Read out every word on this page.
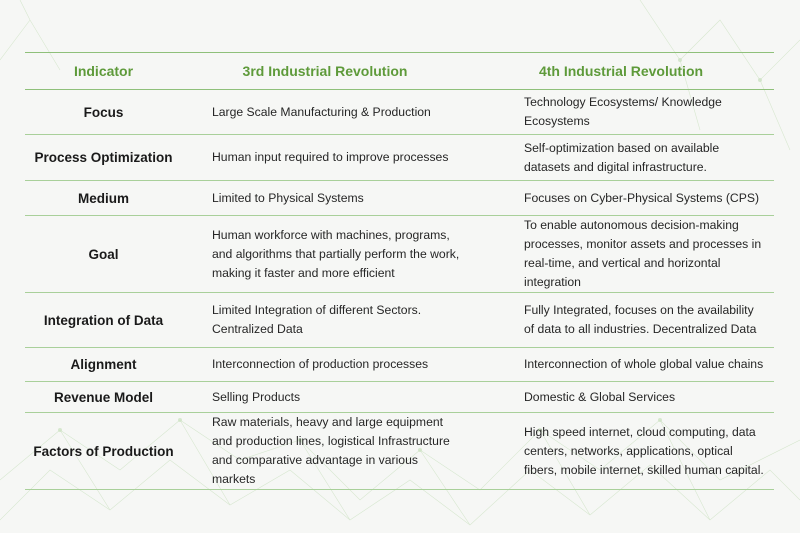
Indicator	3rd Industrial Revolution	4th Industrial Revolution
Focus	Large Scale Manufacturing & Production	Technology Ecosystems/ Knowledge Ecosystems
Process Optimization	Human input required to improve processes	Self-optimization based on available datasets and digital infrastructure.
Medium	Limited to Physical Systems	Focuses on Cyber-Physical Systems (CPS)
Goal	Human workforce with machines, programs, and algorithms that partially perform the work, making it faster and more efficient	To enable autonomous decision-making processes, monitor assets and processes in real-time, and vertical and horizontal integration
Integration of Data	Limited Integration of different Sectors. Centralized Data	Fully Integrated, focuses on the availability of data to all industries. Decentralized Data
Alignment	Interconnection of production processes	Interconnection of whole global value chains
Revenue Model	Selling Products	Domestic & Global Services
Factors of Production	Raw materials, heavy and large equipment and production lines, logistical Infrastructure and comparative advantage in various markets	High speed internet, cloud computing, data centers, networks, applications, optical fibers, mobile internet, skilled human capital.
